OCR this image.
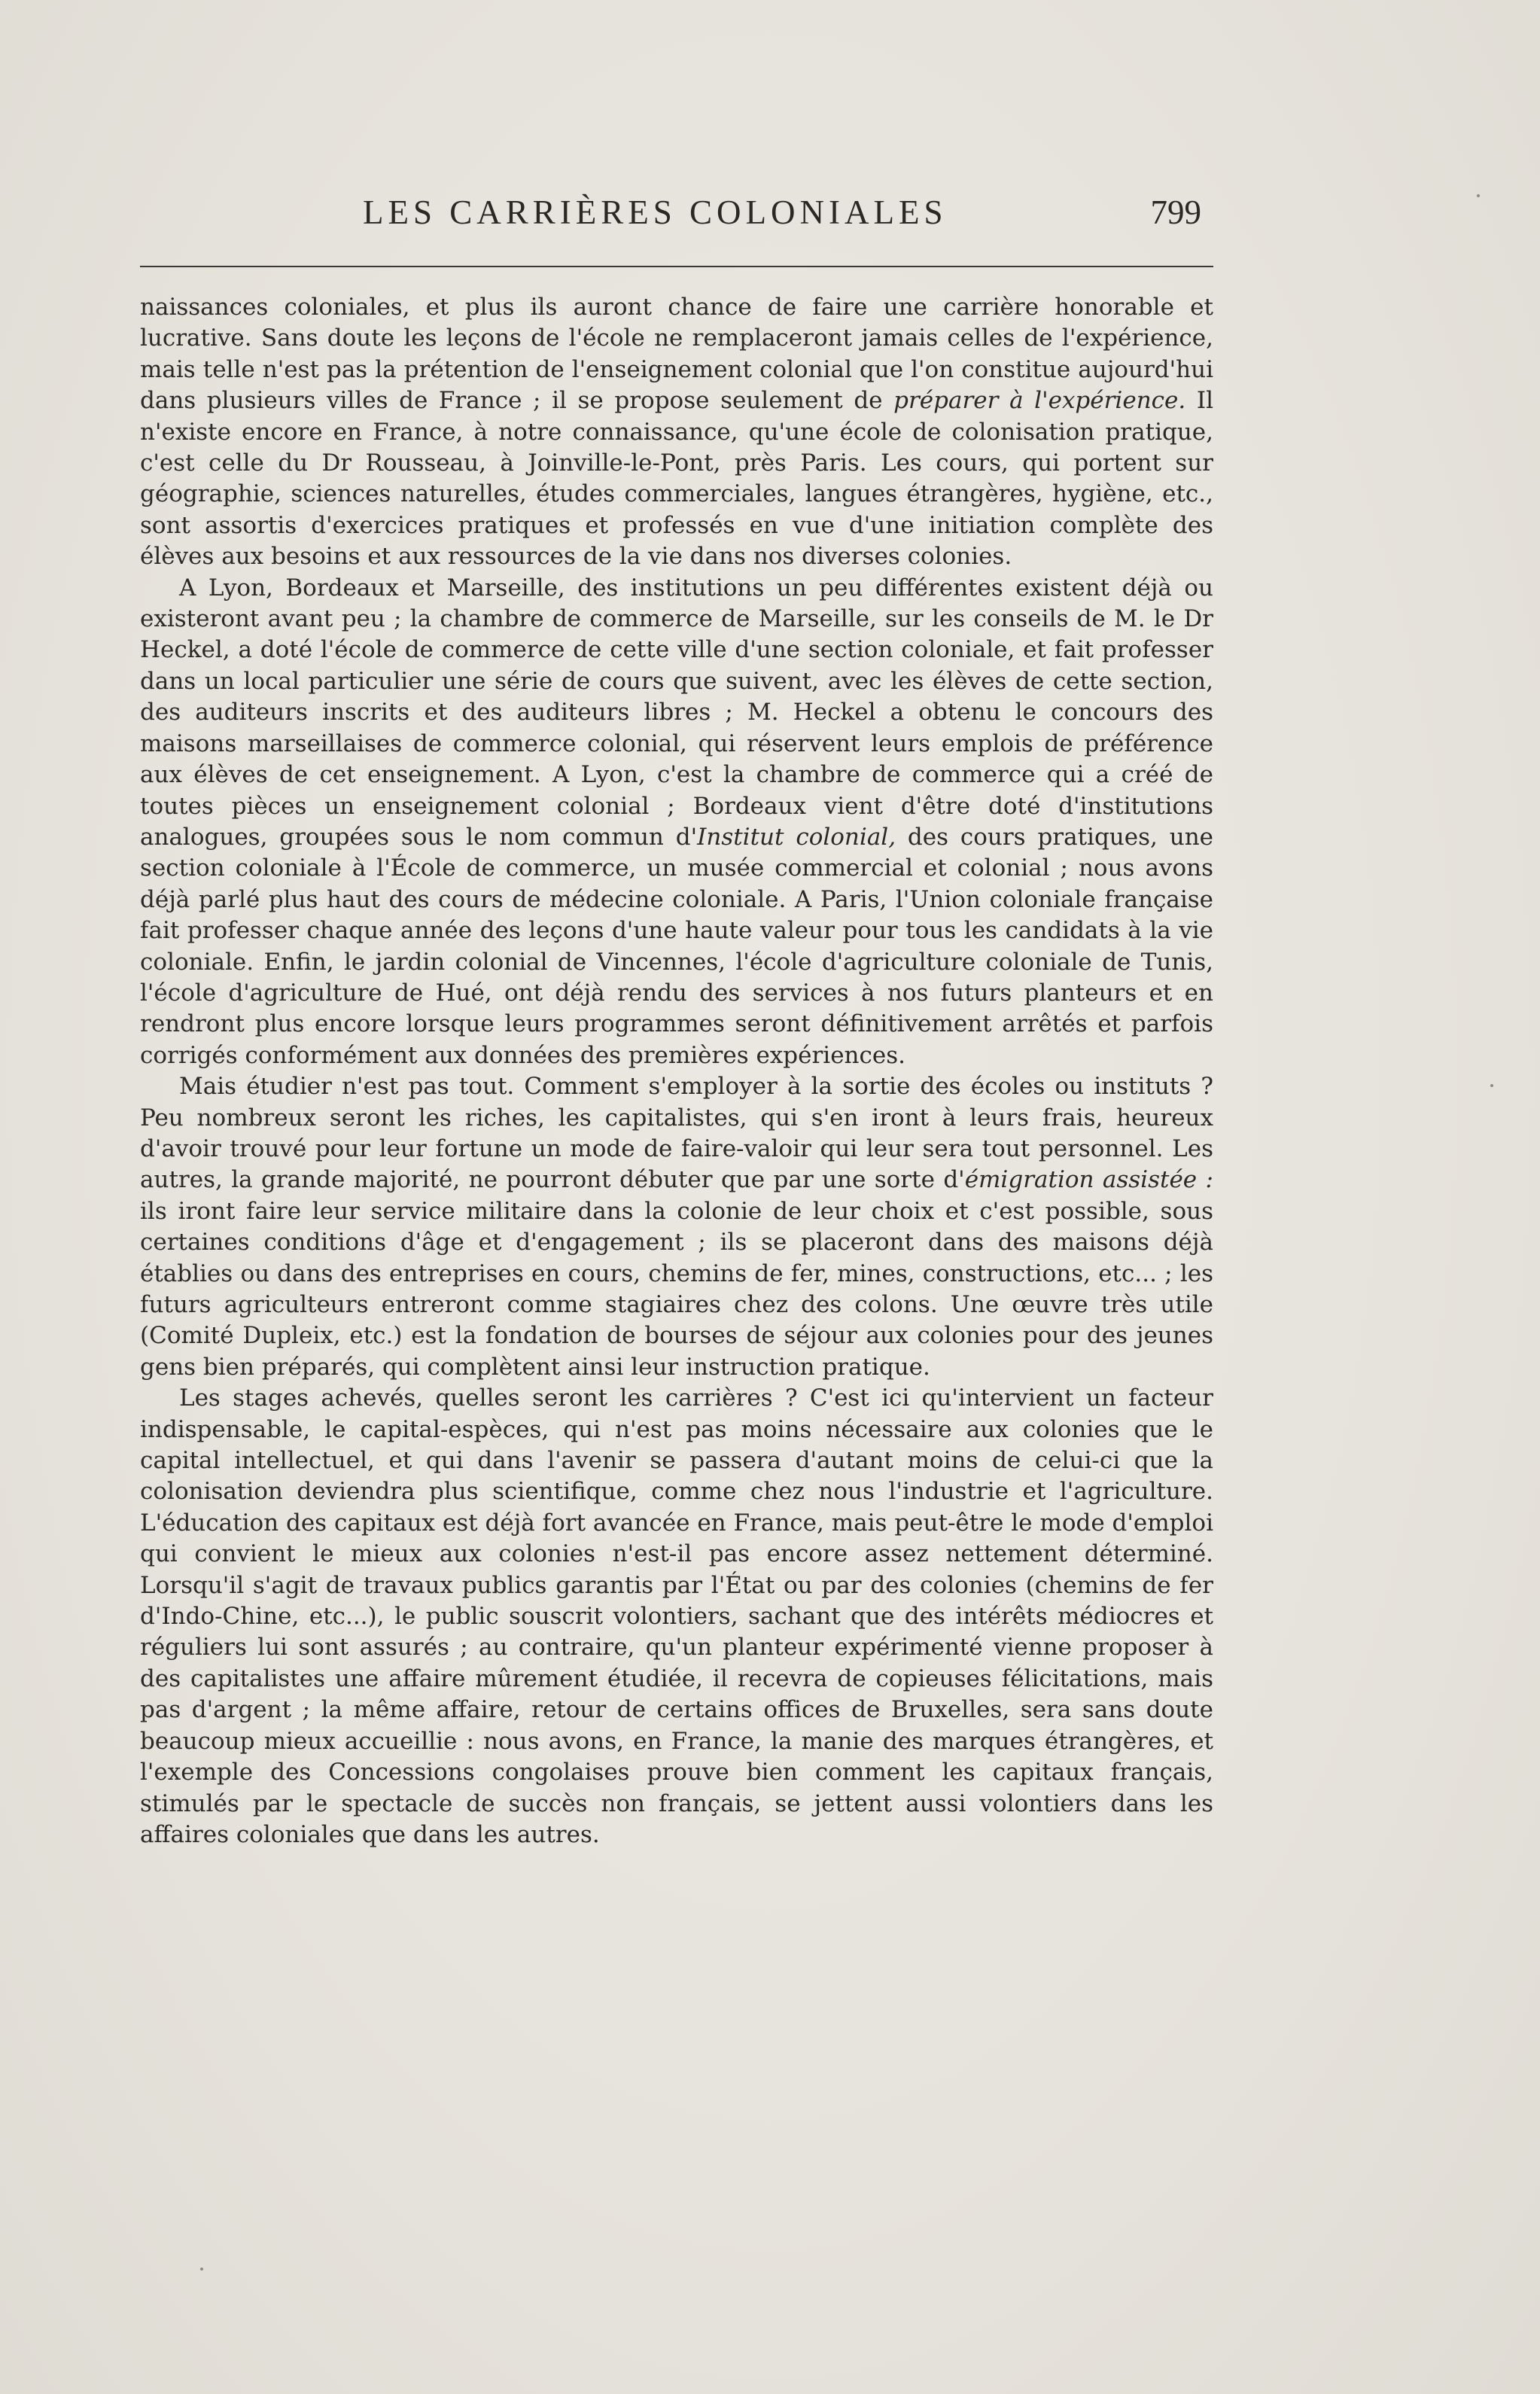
LES CARRIÈRES COLONIALES	799

naissances coloniales, et plus ils auront chance de faire une carrière honorable et lucrative. Sans doute les leçons de l'école ne remplaceront jamais celles de l'expérience, mais telle n'est pas la prétention de l'enseignement colonial que l'on constitue aujourd'hui dans plusieurs villes de France ; il se propose seulement de préparer à l'expérience. Il n'existe encore en France, à notre connaissance, qu'une école de colonisation pratique, c'est celle du Dr Rousseau, à Joinville-le-Pont, près Paris. Les cours, qui portent sur géographie, sciences naturelles, études commerciales, langues étrangères, hygiène, etc., sont assortis d'exercices pratiques et professés en vue d'une initiation complète des élèves aux besoins et aux ressources de la vie dans nos diverses colonies.

A Lyon, Bordeaux et Marseille, des institutions un peu différentes existent déjà ou existeront avant peu ; la chambre de commerce de Marseille, sur les conseils de M. le Dr Heckel, a doté l'école de commerce de cette ville d'une section coloniale, et fait professer dans un local particulier une série de cours que suivent, avec les élèves de cette section, des auditeurs inscrits et des auditeurs libres ; M. Heckel a obtenu le concours des maisons marseillaises de commerce colonial, qui réservent leurs emplois de préférence aux élèves de cet enseignement. A Lyon, c'est la chambre de commerce qui a créé de toutes pièces un enseignement colonial ; Bordeaux vient d'être doté d'institutions analogues, groupées sous le nom commun d'Institut colonial, des cours pratiques, une section coloniale à l'École de commerce, un musée commercial et colonial ; nous avons déjà parlé plus haut des cours de médecine coloniale. A Paris, l'Union coloniale française fait professer chaque année des leçons d'une haute valeur pour tous les candidats à la vie coloniale. Enfin, le jardin colonial de Vincennes, l'école d'agriculture coloniale de Tunis, l'école d'agriculture de Hué, ont déjà rendu des services à nos futurs planteurs et en rendront plus encore lorsque leurs programmes seront définitivement arrêtés et parfois corrigés conformément aux données des premières expériences.

Mais étudier n'est pas tout. Comment s'employer à la sortie des écoles ou instituts ? Peu nombreux seront les riches, les capitalistes, qui s'en iront à leurs frais, heureux d'avoir trouvé pour leur fortune un mode de faire-valoir qui leur sera tout personnel. Les autres, la grande majorité, ne pourront débuter que par une sorte d'émigration assistée : ils iront faire leur service militaire dans la colonie de leur choix et c'est possible, sous certaines conditions d'âge et d'engagement ; ils se placeront dans des maisons déjà établies ou dans des entreprises en cours, chemins de fer, mines, constructions, etc... ; les futurs agriculteurs entreront comme stagiaires chez des colons. Une œuvre très utile (Comité Dupleix, etc.) est la fondation de bourses de séjour aux colonies pour des jeunes gens bien préparés, qui complètent ainsi leur instruction pratique.

Les stages achevés, quelles seront les carrières ? C'est ici qu'intervient un facteur indispensable, le capital-espèces, qui n'est pas moins nécessaire aux colonies que le capital intellectuel, et qui dans l'avenir se passera d'autant moins de celui-ci que la colonisation deviendra plus scientifique, comme chez nous l'industrie et l'agriculture. L'éducation des capitaux est déjà fort avancée en France, mais peut-être le mode d'emploi qui convient le mieux aux colonies n'est-il pas encore assez nettement déterminé. Lorsqu'il s'agit de travaux publics garantis par l'État ou par des colonies (chemins de fer d'Indo-Chine, etc...), le public souscrit volontiers, sachant que des intérêts médiocres et réguliers lui sont assurés ; au contraire, qu'un planteur expérimenté vienne proposer à des capitalistes une affaire mûrement étudiée, il recevra de copieuses félicitations, mais pas d'argent ; la même affaire, retour de certains offices de Bruxelles, sera sans doute beaucoup mieux accueillie : nous avons, en France, la manie des marques étrangères, et l'exemple des Concessions congolaises prouve bien comment les capitaux français, stimulés par le spectacle de succès non français, se jettent aussi volontiers dans les affaires coloniales que dans les autres.
